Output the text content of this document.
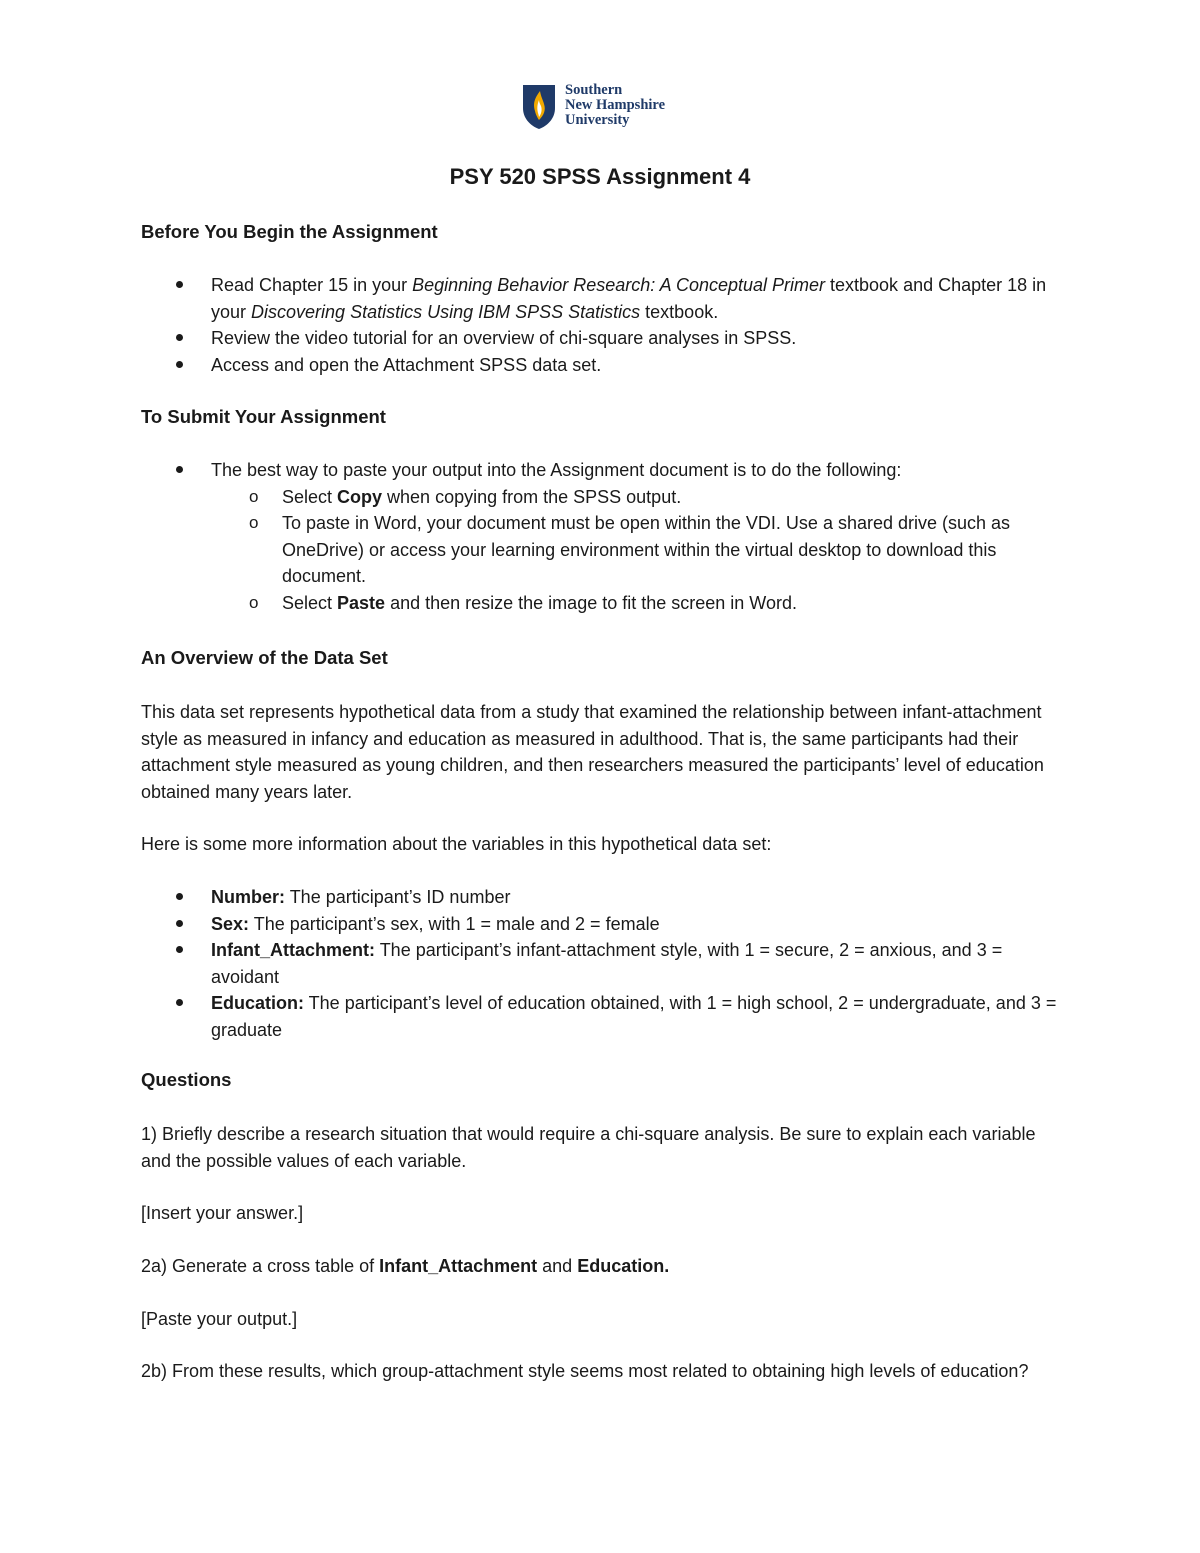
Southern
New Hampshire
University
PSY 520 SPSS Assignment 4
Before You Begin the Assignment
Read Chapter 15 in your Beginning Behavior Research: A Conceptual Primer textbook and Chapter 18 in your Discovering Statistics Using IBM SPSS Statistics textbook.
Review the video tutorial for an overview of chi-square analyses in SPSS.
Access and open the Attachment SPSS data set.
To Submit Your Assignment
The best way to paste your output into the Assignment document is to do the following:
o Select Copy when copying from the SPSS output.
o To paste in Word, your document must be open within the VDI. Use a shared drive (such as OneDrive) or access your learning environment within the virtual desktop to download this document.
o Select Paste and then resize the image to fit the screen in Word.
An Overview of the Data Set
This data set represents hypothetical data from a study that examined the relationship between infant-attachment style as measured in infancy and education as measured in adulthood. That is, the same participants had their attachment style measured as young children, and then researchers measured the participants’ level of education obtained many years later.
Here is some more information about the variables in this hypothetical data set:
Number: The participant’s ID number
Sex: The participant’s sex, with 1 = male and 2 = female
Infant_Attachment: The participant’s infant-attachment style, with 1 = secure, 2 = anxious, and 3 = avoidant
Education: The participant’s level of education obtained, with 1 = high school, 2 = undergraduate, and 3 = graduate
Questions
1) Briefly describe a research situation that would require a chi-square analysis. Be sure to explain each variable and the possible values of each variable.
[Insert your answer.]
2a) Generate a cross table of Infant_Attachment and Education.
[Paste your output.]
2b) From these results, which group-attachment style seems most related to obtaining high levels of education?
